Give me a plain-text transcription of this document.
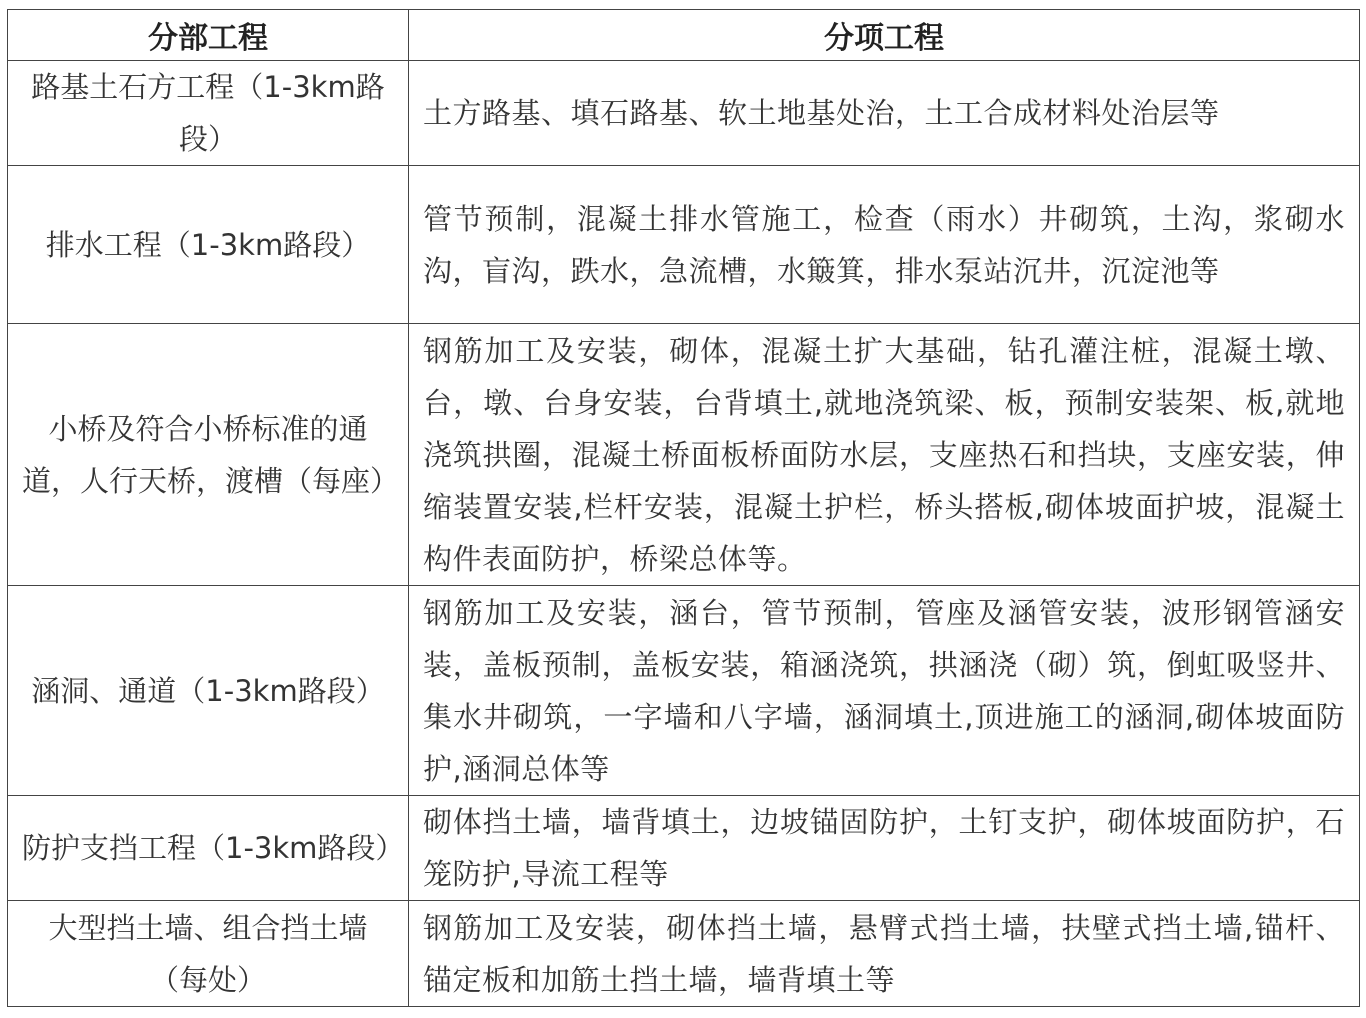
分部工程	分项工程
路基土石方工程（1-3km路段）	土方路基、填石路基、软土地基处治，土工合成材料处治层等

排水工程（1-3km路段）	管节预制，混凝土排水管施工，检查（雨水）井砌筑，土沟，浆砌水沟，盲沟，跌水，急流槽，水簸箕，排水泵站沉井，沉淀池等

小桥及符合小桥标准的通道，人行天桥，渡槽（每座）	钢筋加工及安装，砌体，混凝土扩大基础，钻孔灌注桩，混凝土墩、台，墩、台身安装，台背填土,就地浇筑梁、板，预制安装架、板,就地浇筑拱圈，混凝土桥面板桥面防水层，支座热石和挡块，支座安装，伸缩装置安装,栏杆安装，混凝土护栏，桥头搭板,砌体坡面护坡，混凝土构件表面防护，桥梁总体等。

涵洞、通道（1-3km路段）	钢筋加工及安装，涵台，管节预制，管座及涵管安装，波形钢管涵安装，盖板预制，盖板安装，箱涵浇筑，拱涵浇（砌）筑，倒虹吸竖井、集水井砌筑，一字墙和八字墙，涵洞填土,顶进施工的涵洞,砌体坡面防护,涵洞总体等

防护支挡工程（1-3km路段）	砌体挡土墙，墙背填土，边坡锚固防护，土钉支护，砌体坡面防护，石笼防护,导流工程等

大型挡土墙、组合挡土墙（每处）	钢筋加工及安装，砌体挡土墙，悬臂式挡土墙，扶壁式挡土墙,锚杆、锚定板和加筋土挡土墙，墙背填土等
